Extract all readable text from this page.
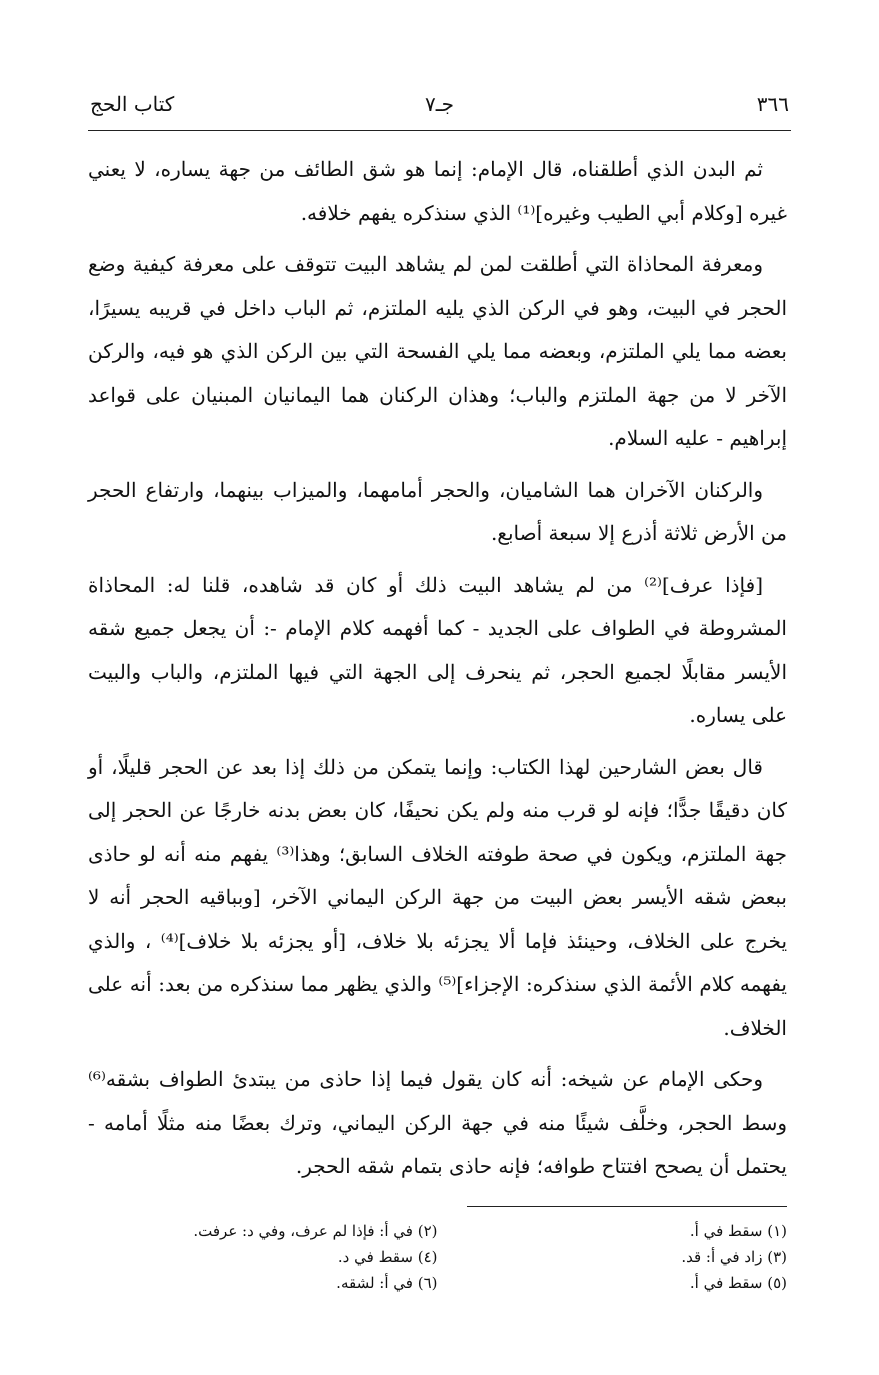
٣٦٦
جـ٧
كتاب الحج

ثم البدن الذي أطلقناه، قال الإمام: إنما هو شق الطائف من جهة يساره، لا يعني غيره [وكلام أبي الطيب وغيره]⁽¹⁾ الذي سنذكره يفهم خلافه.

ومعرفة المحاذاة التي أطلقت لمن لم يشاهد البيت تتوقف على معرفة كيفية وضع الحجر في البيت، وهو في الركن الذي يليه الملتزم، ثم الباب داخل في قريبه يسيرًا، بعضه مما يلي الملتزم، وبعضه مما يلي الفسحة التي بين الركن الذي هو فيه، والركن الآخر لا من جهة الملتزم والباب؛ وهذان الركنان هما اليمانيان المبنيان على قواعد إبراهيم - عليه السلام.

والركنان الآخران هما الشاميان، والحجر أمامهما، والميزاب بينهما، وارتفاع الحجر من الأرض ثلاثة أذرع إلا سبعة أصابع.

[فإذا عرف]⁽²⁾ من لم يشاهد البيت ذلك أو كان قد شاهده، قلنا له: المحاذاة المشروطة في الطواف على الجديد - كما أفهمه كلام الإمام -: أن يجعل جميع شقه الأيسر مقابلًا لجميع الحجر، ثم ينحرف إلى الجهة التي فيها الملتزم، والباب والبيت على يساره.

قال بعض الشارحين لهذا الكتاب: وإنما يتمكن من ذلك إذا بعد عن الحجر قليلًا، أو كان دقيقًا جدًّا؛ فإنه لو قرب منه ولم يكن نحيفًا، كان بعض بدنه خارجًا عن الحجر إلى جهة الملتزم، ويكون في صحة طوفته الخلاف السابق؛ وهذا⁽³⁾ يفهم منه أنه لو حاذى ببعض شقه الأيسر بعض البيت من جهة الركن اليماني الآخر، [وبباقيه الحجر أنه لا يخرج على الخلاف، وحينئذ فإما ألا يجزئه بلا خلاف، [أو يجزئه بلا خلاف]⁽⁴⁾ ، والذي يفهمه كلام الأئمة الذي سنذكره: الإجزاء]⁽⁵⁾ والذي يظهر مما سنذكره من بعد: أنه على الخلاف.

وحكى الإمام عن شيخه: أنه كان يقول فيما إذا حاذى من يبتدئ الطواف بشقه⁽⁶⁾ وسط الحجر، وخلَّف شيئًا منه في جهة الركن اليماني، وترك بعضًا منه مثلًا أمامه - يحتمل أن يصحح افتتاح طوافه؛ فإنه حاذى بتمام شقه الحجر.

(١) سقط في أ.
(٢) في أ: فإذا لم عرف، وفي د: عرفت.
(٣) زاد في أ: قد.
(٤) سقط في د.
(٥) سقط في أ.
(٦) في أ: لشقه.
